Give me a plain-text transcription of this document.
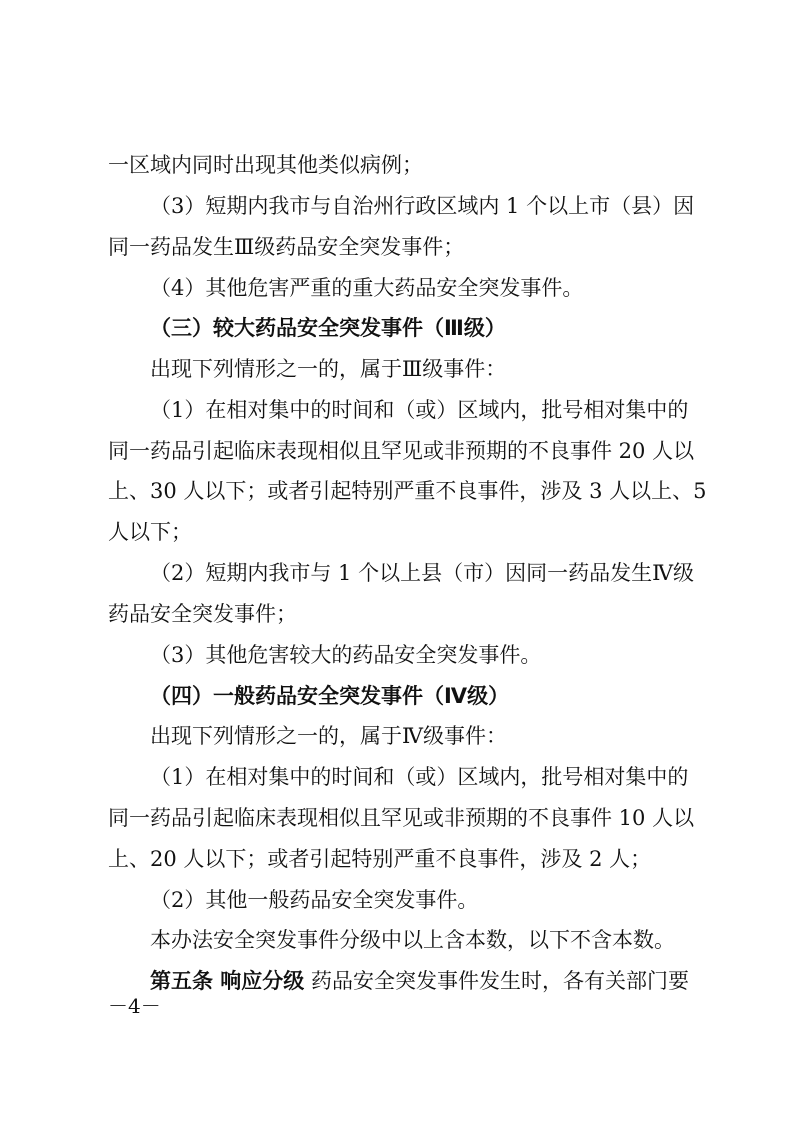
一区域内同时出现其他类似病例；
（3）短期内我市与自治州行政区域内 1 个以上市（县）因
同一药品发生Ⅲ级药品安全突发事件；
（4）其他危害严重的重大药品安全突发事件。
（三）较大药品安全突发事件（Ⅲ级）
出现下列情形之一的，属于Ⅲ级事件：
（1）在相对集中的时间和（或）区域内，批号相对集中的
同一药品引起临床表现相似且罕见或非预期的不良事件 20 人以
上、30 人以下；或者引起特别严重不良事件，涉及 3 人以上、5
人以下；
（2）短期内我市与 1 个以上县（市）因同一药品发生Ⅳ级
药品安全突发事件；
（3）其他危害较大的药品安全突发事件。
（四）一般药品安全突发事件（Ⅳ级）
出现下列情形之一的，属于Ⅳ级事件：
（1）在相对集中的时间和（或）区域内，批号相对集中的
同一药品引起临床表现相似且罕见或非预期的不良事件 10 人以
上、20 人以下；或者引起特别严重不良事件，涉及 2 人；
（2）其他一般药品安全突发事件。
本办法安全突发事件分级中以上含本数，以下不含本数。
第五条 响应分级 药品安全突发事件发生时，各有关部门要
－4－
